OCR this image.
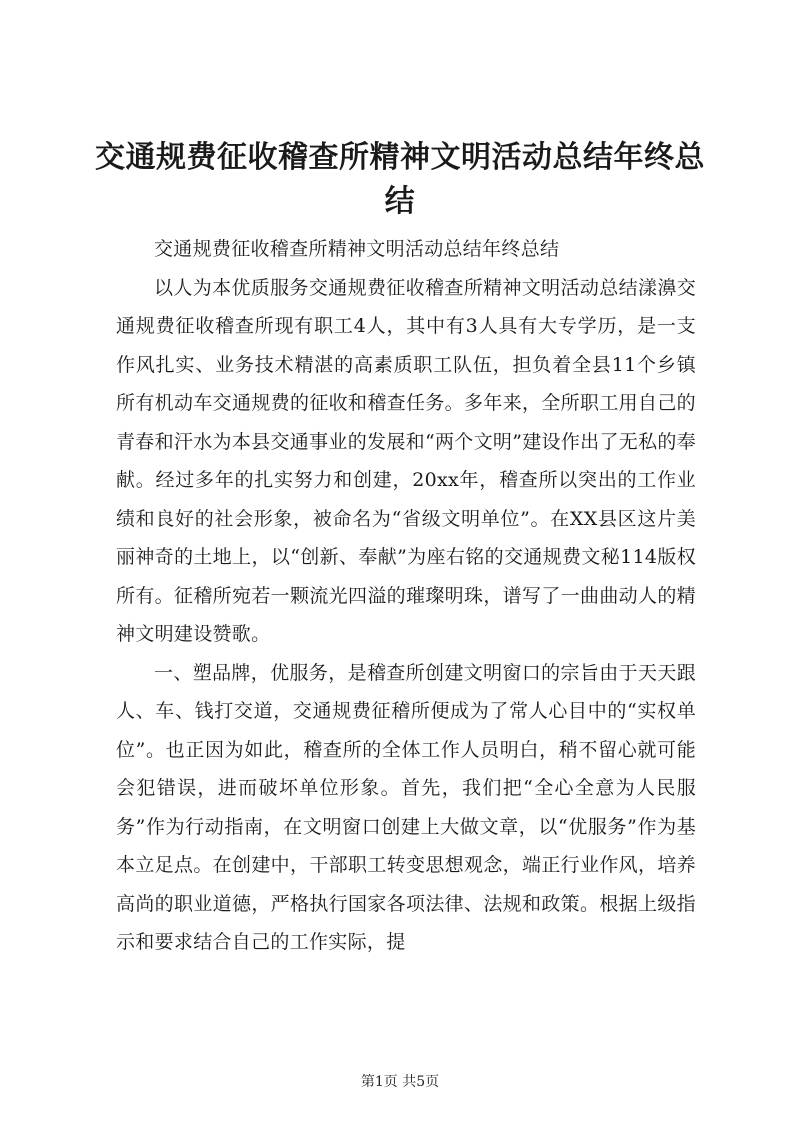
交通规费征收稽查所精神文明活动总结年终总结

交通规费征收稽查所精神文明活动总结年终总结

以人为本优质服务交通规费征收稽查所精神文明活动总结漾濞交通规费征收稽查所现有职工4人，其中有3人具有大专学历，是一支作风扎实、业务技术精湛的高素质职工队伍，担负着全县11个乡镇所有机动车交通规费的征收和稽查任务。多年来，全所职工用自己的青春和汗水为本县交通事业的发展和“两个文明”建设作出了无私的奉献。经过多年的扎实努力和创建，20xx年，稽查所以突出的工作业绩和良好的社会形象，被命名为“省级文明单位”。在XX县区这片美丽神奇的土地上，以“创新、奉献”为座右铭的交通规费文秘114版权所有。征稽所宛若一颗流光四溢的璀璨明珠，谱写了一曲曲动人的精神文明建设赞歌。

一、塑品牌，优服务，是稽查所创建文明窗口的宗旨由于天天跟人、车、钱打交道，交通规费征稽所便成为了常人心目中的“实权单位”。也正因为如此，稽查所的全体工作人员明白，稍不留心就可能会犯错误，进而破坏单位形象。首先，我们把“全心全意为人民服务”作为行动指南，在文明窗口创建上大做文章，以“优服务”作为基本立足点。在创建中，干部职工转变思想观念，端正行业作风，培养高尚的职业道德，严格执行国家各项法律、法规和政策。根据上级指示和要求结合自己的工作实际，提

第1页 共5页
